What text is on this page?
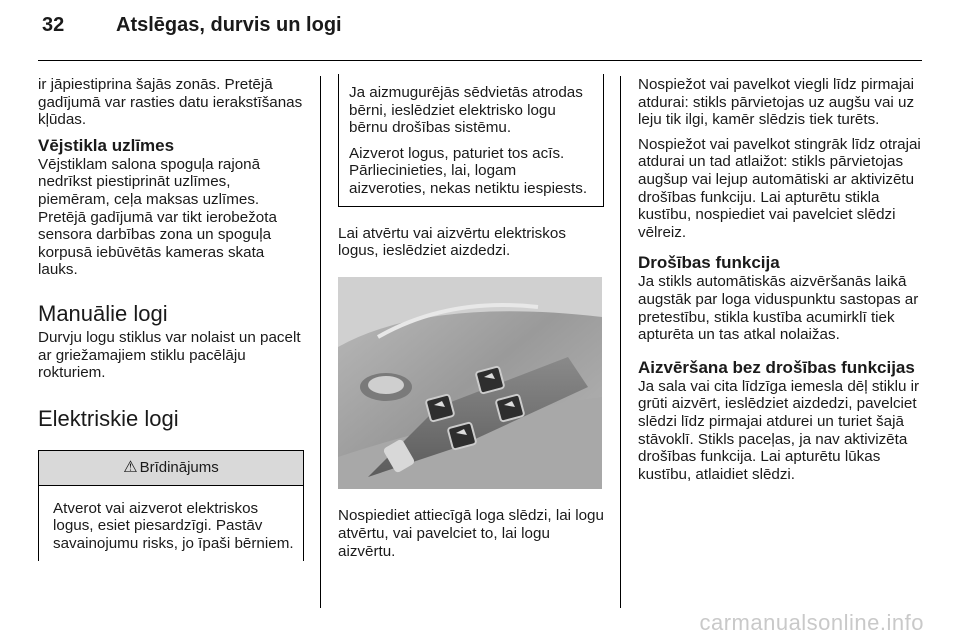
32	Atslēgas, durvis un logi

ir jāpiestiprina šajās zonās. Pretējā gadījumā var rasties datu ierakstīšanas kļūdas.

Vējstikla uzlīmes

Vējstiklam salona spoguļa rajonā nedrīkst piestiprināt uzlīmes, piemēram, ceļa maksas uzlīmes. Pretējā gadījumā var tikt ierobežota sensora darbības zona un spoguļa korpusā iebūvētās kameras skata lauks.

Manuālie logi

Durvju logu stiklus var nolaist un pacelt ar griežamajiem stiklu pacēlāju rokturiem.

Elektriskie logi
⚠ Brīdinājums
Atverot vai aizverot elektriskos logus, esiet piesardzīgi. Pastāv savainojumu risks, jo īpaši bērniem.

Ja aizmugurējās sēdvietās atrodas bērni, ieslēdziet elektrisko logu bērnu drošības sistēmu.

Aizverot logus, paturiet tos acīs. Pārliecinieties, lai, logam aizveroties, nekas netiktu iespiests.

Lai atvērtu vai aizvērtu elektriskos logus, ieslēdziet aizdedzi.

Nospiediet attiecīgā loga slēdzi, lai logu atvērtu, vai pavelciet to, lai logu aizvērtu.

Nospiežot vai pavelkot viegli līdz pirmajai atdurai: stikls pārvietojas uz augšu vai uz leju tik ilgi, kamēr slēdzis tiek turēts.

Nospiežot vai pavelkot stingrāk līdz otrajai atdurai un tad atlaižot: stikls pārvietojas augšup vai lejup automātiski ar aktivizētu drošības funkciju. Lai apturētu stikla kustību, nospiediet vai pavelciet slēdzi vēlreiz.

Drošības funkcija

Ja stikls automātiskās aizvēršanās laikā augstāk par loga viduspunktu sastopas ar pretestību, stikla kustība acumirklī tiek apturēta un tas atkal nolaižas.

Aizvēršana bez drošības funkcijas

Ja sala vai cita līdzīga iemesla dēļ stiklu ir grūti aizvērt, ieslēdziet aizdedzi, pavelciet slēdzi līdz pirmajai atdurei un turiet šajā stāvoklī. Stikls paceļas, ja nav aktivizēta drošības funkcija. Lai apturētu lūkas kustību, atlaidiet slēdzi.

carmanualsonline.info
